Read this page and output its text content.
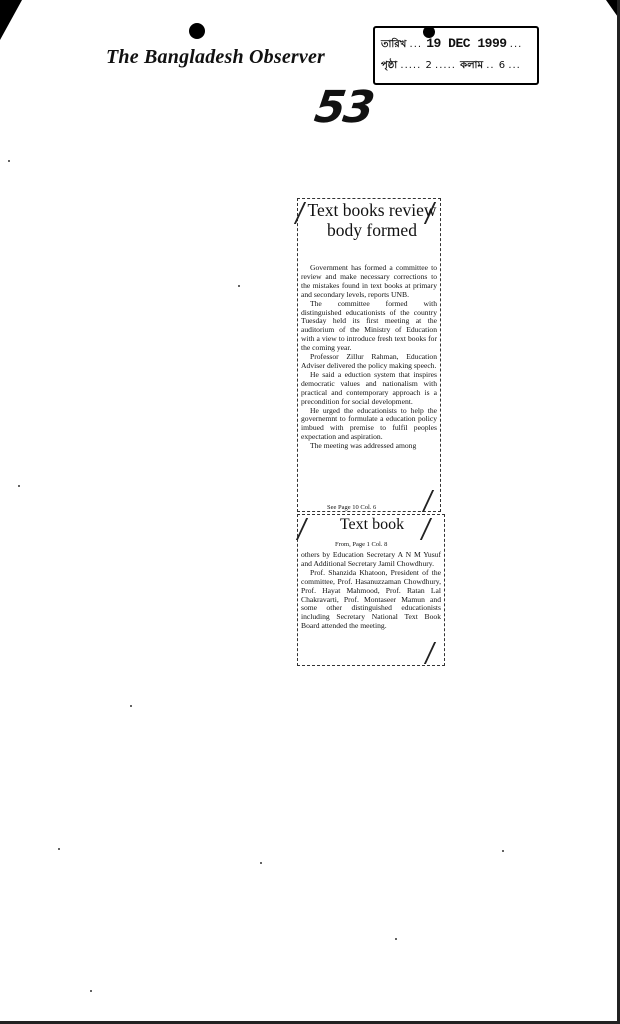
The Bangladesh Observer
তারিখ ... 19 DEC 1999 ...
পৃষ্ঠা ..... 2 ..... কলাম .. 6 ...
53
Text books review body formed

Government has formed a committee to review and make necessary corrections to the mistakes found in text books at primary and secondary levels, reports UNB.

The committee formed with distinguished educationists of the country Tuesday held its first meeting at the auditorium of the Ministry of Education with a view to introduce fresh text books for the coming year.

Professor Zillur Rahman, Education Adviser delivered the policy making speech.

He said a eduction system that inspires democratic values and nationalism with practical and contemporary approach is a precondition for social development.

He urged the educationists to help the governemnt to formulate a education policy imbued with premise to fulfil peoples expectation and aspiration.

The meeting was addressed among

See Page 10 Col. 6
Text book
From, Page 1 Col. 8

others by Education Secretary A N M Yusuf and Additional Secretary Jamil Chowdhury.

Prof. Shanzida Khatoon, President of the committee, Prof. Hasanuzzaman Chowdhury, Prof. Hayat Mahmood, Prof. Ratan Lal Chakravarti, Prof. Montaseer Mamun and some other distinguished educationists including Secretary National Text Book Board attended the meeting.
